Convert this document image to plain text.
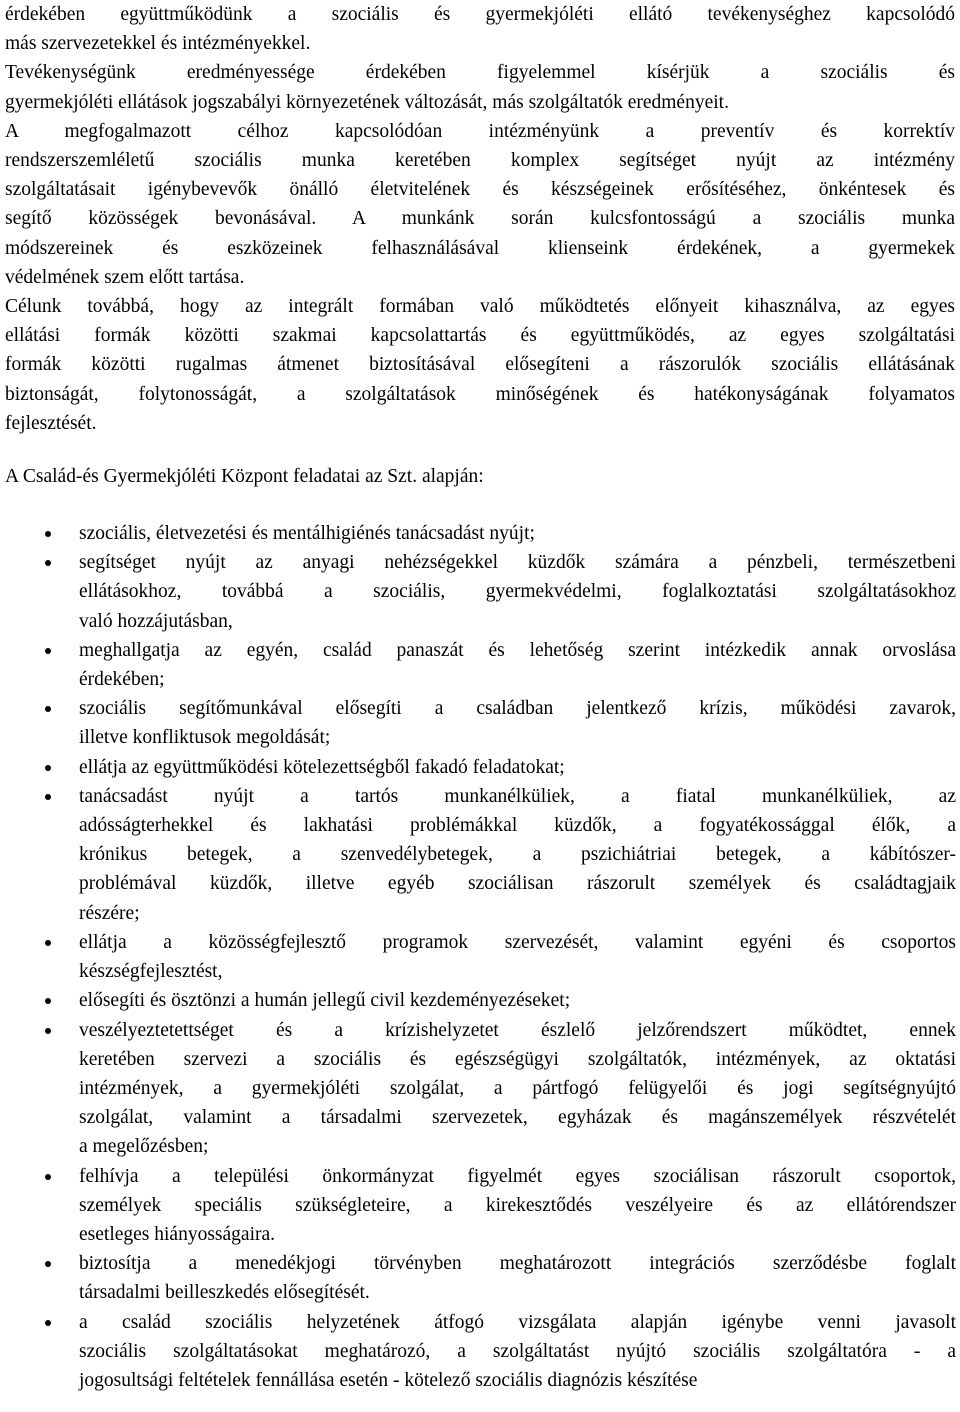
érdekében együttműködünk a szociális és gyermekjóléti ellátó tevékenységhez kapcsolódó
más szervezetekkel és intézményekkel.
Tevékenységünk eredményessége érdekében figyelemmel kísérjük a szociális és
gyermekjóléti ellátások jogszabályi környezetének változását, más szolgáltatók eredményeit.
A megfogalmazott célhoz kapcsolódóan intézményünk a preventív és korrektív
rendszerszemléletű szociális munka keretében komplex segítséget nyújt az intézmény
szolgáltatásait igénybevevők önálló életvitelének és készségeinek erősítéséhez, önkéntesek és
segítő közösségek bevonásával. A munkánk során kulcsfontosságú a szociális munka
módszereinek és eszközeinek felhasználásával klienseink érdekének, a gyermekek
védelmének szem előtt tartása.
Célunk továbbá, hogy az integrált formában való működtetés előnyeit kihasználva, az egyes
ellátási formák közötti szakmai kapcsolattartás és együttműködés, az egyes szolgáltatási
formák közötti rugalmas átmenet biztosításával elősegíteni a rászorulók szociális ellátásának
biztonságát, folytonosságát, a szolgáltatások minőségének és hatékonyságának folyamatos
fejlesztését.
A Család-és Gyermekjóléti Központ feladatai az Szt. alapján:
szociális, életvezetési és mentálhigiénés tanácsadást nyújt;
segítséget nyújt az anyagi nehézségekkel küzdők számára a pénzbeli, természetbeni
ellátásokhoz, továbbá a szociális, gyermekvédelmi, foglalkoztatási szolgáltatásokhoz
való hozzájutásban,
meghallgatja az egyén, család panaszát és lehetőség szerint intézkedik annak orvoslása
érdekében;
szociális segítőmunkával elősegíti a családban jelentkező krízis, működési zavarok,
illetve konfliktusok megoldását;
ellátja az együttműködési kötelezettségből fakadó feladatokat;
tanácsadást nyújt a tartós munkanélküliek, a fiatal munkanélküliek, az
adósságterhekkel és lakhatási problémákkal küzdők, a fogyatékossággal élők, a
krónikus betegek, a szenvedélybetegek, a pszichiátriai betegek, a kábítószer-
problémával küzdők, illetve egyéb szociálisan rászorult személyek és családtagjaik
részére;
ellátja a közösségfejlesztő programok szervezését, valamint egyéni és csoportos
készségfejlesztést,
elősegíti és ösztönzi a humán jellegű civil kezdeményezéseket;
veszélyeztetettséget és a krízishelyzetet észlelő jelzőrendszert működtet, ennek
keretében szervezi a szociális és egészségügyi szolgáltatók, intézmények, az oktatási
intézmények, a gyermekjóléti szolgálat, a pártfogó felügyelői és jogi segítségnyújtó
szolgálat, valamint a társadalmi szervezetek, egyházak és magánszemélyek részvételét
a megelőzésben;
felhívja a települési önkormányzat figyelmét egyes szociálisan rászorult csoportok,
személyek speciális szükségleteire, a kirekesztődés veszélyeire és az ellátórendszer
esetleges hiányosságaira.
biztosítja a menedékjogi törvényben meghatározott integrációs szerződésbe foglalt
társadalmi beilleszkedés elősegítését.
a család szociális helyzetének átfogó vizsgálata alapján igénybe venni javasolt
szociális szolgáltatásokat meghatározó, a szolgáltatást nyújtó szociális szolgáltatóra - a
jogosultsági feltételek fennállása esetén - kötelező szociális diagnózis készítése
